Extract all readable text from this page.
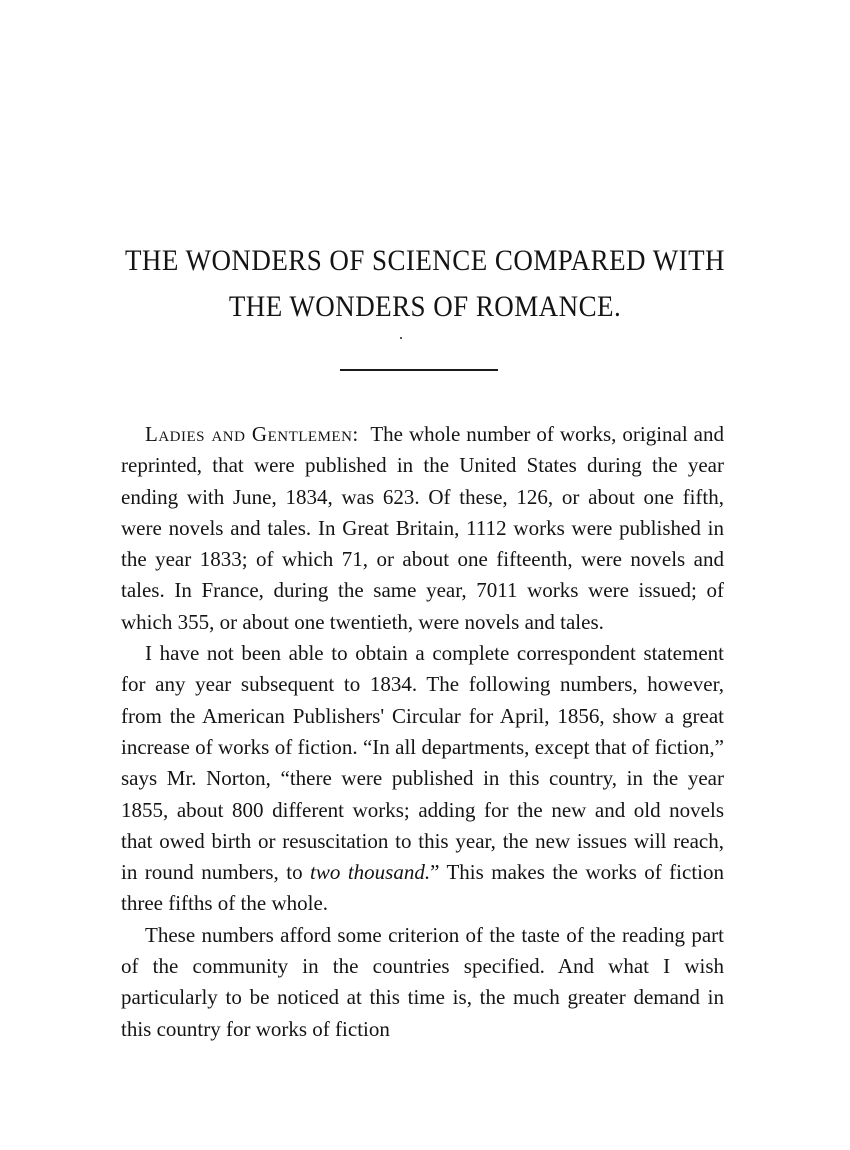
THE WONDERS OF SCIENCE COMPARED WITH
THE WONDERS OF ROMANCE.

Ladies and Gentlemen: The whole number of works, original and reprinted, that were published in the United States during the year ending with June, 1834, was 623. Of these, 126, or about one fifth, were novels and tales. In Great Britain, 1112 works were published in the year 1833; of which 71, or about one fifteenth, were novels and tales. In France, during the same year, 7011 works were issued; of which 355, or about one twentieth, were novels and tales.

I have not been able to obtain a complete correspondent statement for any year subsequent to 1834. The following numbers, however, from the American Publishers' Circular for April, 1856, show a great increase of works of fiction. “In all departments, except that of fiction,” says Mr. Norton, “there were published in this country, in the year 1855, about 800 different works; adding for the new and old novels that owed birth or resuscitation to this year, the new issues will reach, in round numbers, to two thousand.” This makes the works of fiction three fifths of the whole.

These numbers afford some criterion of the taste of the reading part of the community in the countries specified. And what I wish particularly to be noticed at this time is, the much greater demand in this country for works of fiction
